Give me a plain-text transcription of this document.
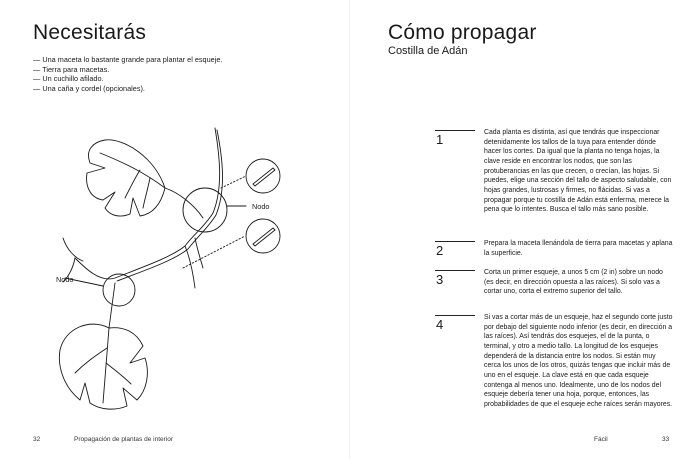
Necesitarás
— Una maceta lo bastante grande para plantar el esqueje.
— Tierra para macetas.
— Un cuchillo afilado.
— Una caña y cordel (opcionales).
Nodo
Nodo
32	Propagación de plantas de interior
Cómo propagar
Costilla de Adán
1	Cada planta es distinta, así que tendrás que inspeccionar detenidamente los tallos de la tuya para entender dónde hacer los cortes. Da igual que la planta no tenga hojas, la clave reside en encontrar los nodos, que son las protuberancias en las que crecen, o crecían, las hojas. Si puedes, elige una sección del tallo de aspecto saludable, con hojas grandes, lustrosas y firmes, no flácidas. Si vas a propagar porque tu costilla de Adán está enferma, merece la pena que lo intentes. Busca el tallo más sano posible.
2	Prepara la maceta llenándola de tierra para macetas y aplana la superficie.
3	Corta un primer esqueje, a unos 5 cm (2 in) sobre un nodo (es decir, en dirección opuesta a las raíces). Si solo vas a cortar uno, corta el extremo superior del tallo.
4	Si vas a cortar más de un esqueje, haz el segundo corte justo por debajo del siguiente nodo inferior (es decir, en dirección a las raíces). Así tendrás dos esquejes, el de la punta, o terminal, y otro a medio tallo. La longitud de los esquejes dependerá de la distancia entre los nodos. Si están muy cerca los unos de los otros, quizás tengas que incluir más de uno en el esqueje. La clave está en que cada esqueje contenga al menos uno. Idealmente, uno de los nodos del esqueje debería tener una hoja, porque, entonces, las probabilidades de que el esqueje eche raíces serán mayores.
Fácil	33
